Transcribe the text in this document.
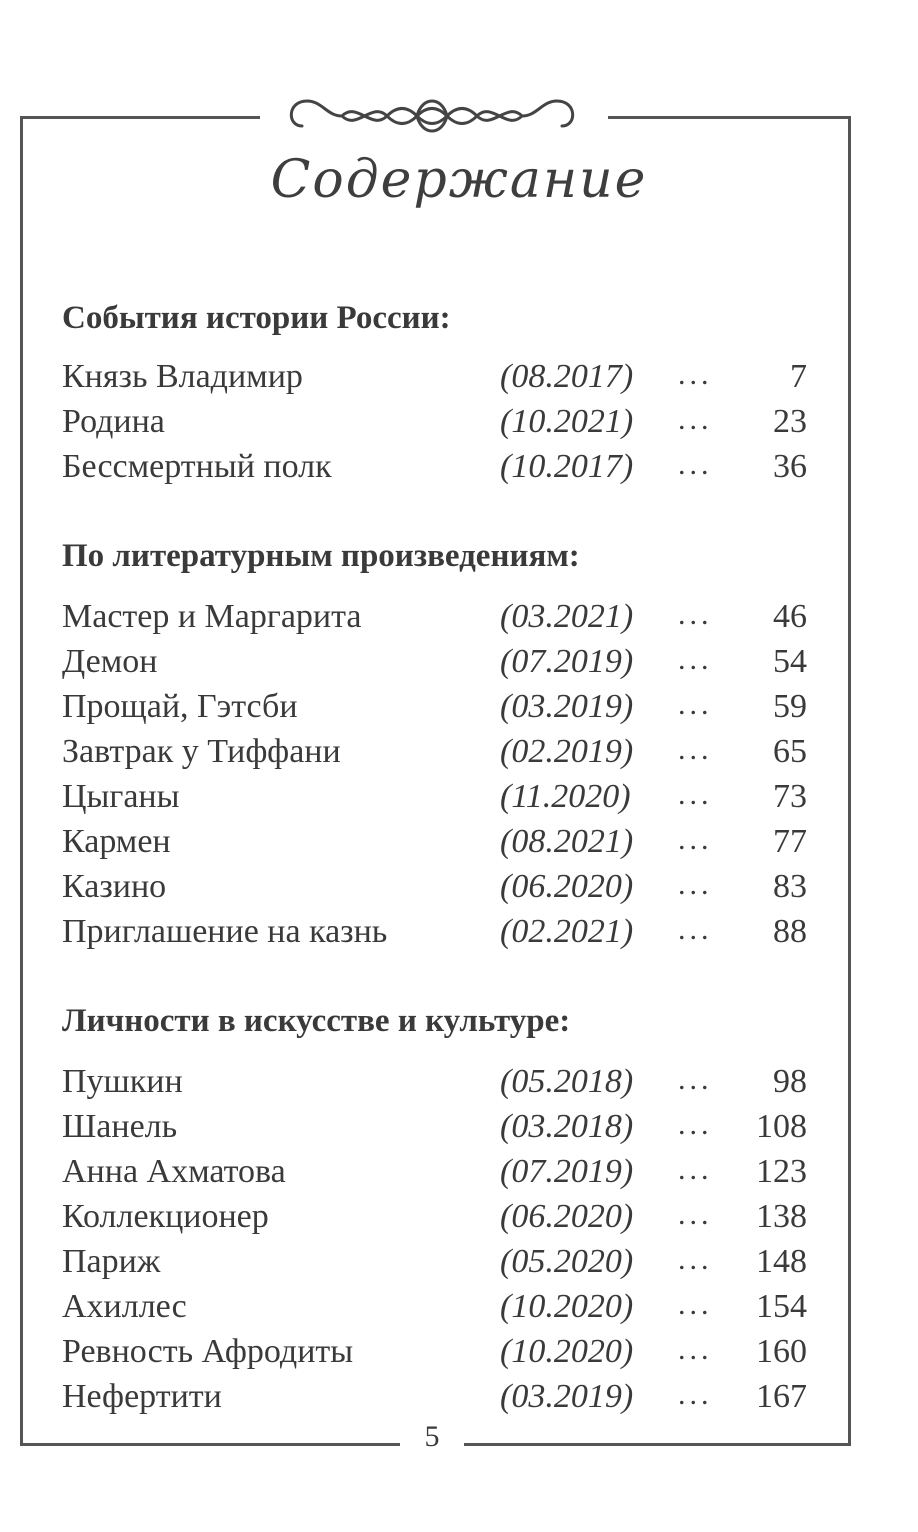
Содержание
События истории России:
Князь Владимир	(08.2017) ... 7
Родина	(10.2021) ... 23
Бессмертный полк	(10.2017) ... 36
По литературным произведениям:
Мастер и Маргарита	(03.2021) ... 46
Демон	(07.2019) ... 54
Прощай, Гэтсби	(03.2019) ... 59
Завтрак у Тиффани	(02.2019) ... 65
Цыганы	(11.2020) ... 73
Кармен	(08.2021) ... 77
Казино	(06.2020) ... 83
Приглашение на казнь	(02.2021) ... 88
Личности в искусстве и культуре:
Пушкин	(05.2018) ... 98
Шанель	(03.2018) ... 108
Анна Ахматова	(07.2019) ... 123
Коллекционер	(06.2020) ... 138
Париж	(05.2020) ... 148
Ахиллес	(10.2020) ... 154
Ревность Афродиты	(10.2020) ... 160
Нефертити	(03.2019) ... 167
5
